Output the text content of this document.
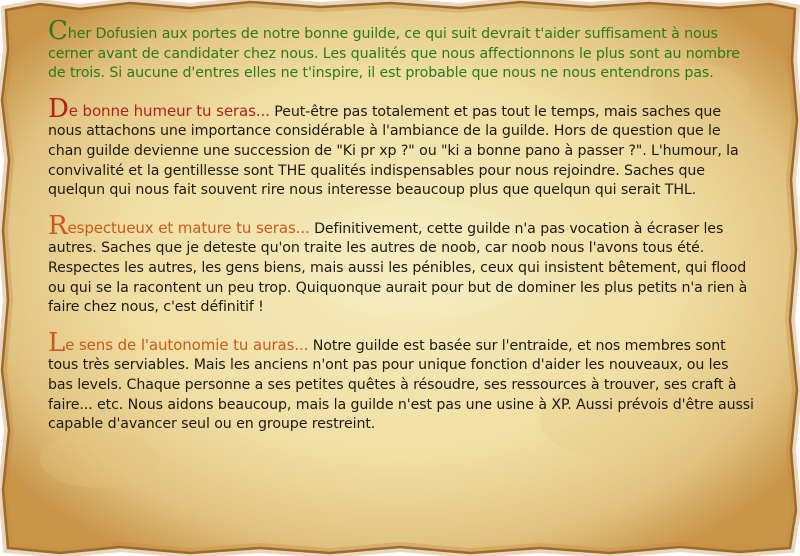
Cher Dofusien aux portes de notre bonne guilde, ce qui suit devrait t'aider suffisament à nous cerner avant de candidater chez nous. Les qualités que nous affectionnons le plus sont au nombre de trois. Si aucune d'entres elles ne t'inspire, il est probable que nous ne nous entendrons pas.

De bonne humeur tu seras... Peut-être pas totalement et pas tout le temps, mais saches que nous attachons une importance considérable à l'ambiance de la guilde. Hors de question que le chan guilde devienne une succession de "Ki pr xp ?" ou "ki a bonne pano à passer ?". L'humour, la convivalité et la gentillesse sont THE qualités indispensables pour nous rejoindre. Saches que quelqun qui nous fait souvent rire nous interesse beaucoup plus que quelqun qui serait THL.

Respectueux et mature tu seras... Definitivement, cette guilde n'a pas vocation à écraser les autres. Saches que je deteste qu'on traite les autres de noob, car noob nous l'avons tous été. Respectes les autres, les gens biens, mais aussi les pénibles, ceux qui insistent bêtement, qui flood ou qui se la racontent un peu trop. Quiquonque aurait pour but de dominer les plus petits n'a rien à faire chez nous, c'est définitif !

Le sens de l'autonomie tu auras... Notre guilde est basée sur l'entraide, et nos membres sont tous très serviables. Mais les anciens n'ont pas pour unique fonction d'aider les nouveaux, ou les bas levels. Chaque personne a ses petites quêtes à résoudre, ses ressources à trouver, ses craft à faire... etc. Nous aidons beaucoup, mais la guilde n'est pas une usine à XP. Aussi prévois d'être aussi capable d'avancer seul ou en groupe restreint.
